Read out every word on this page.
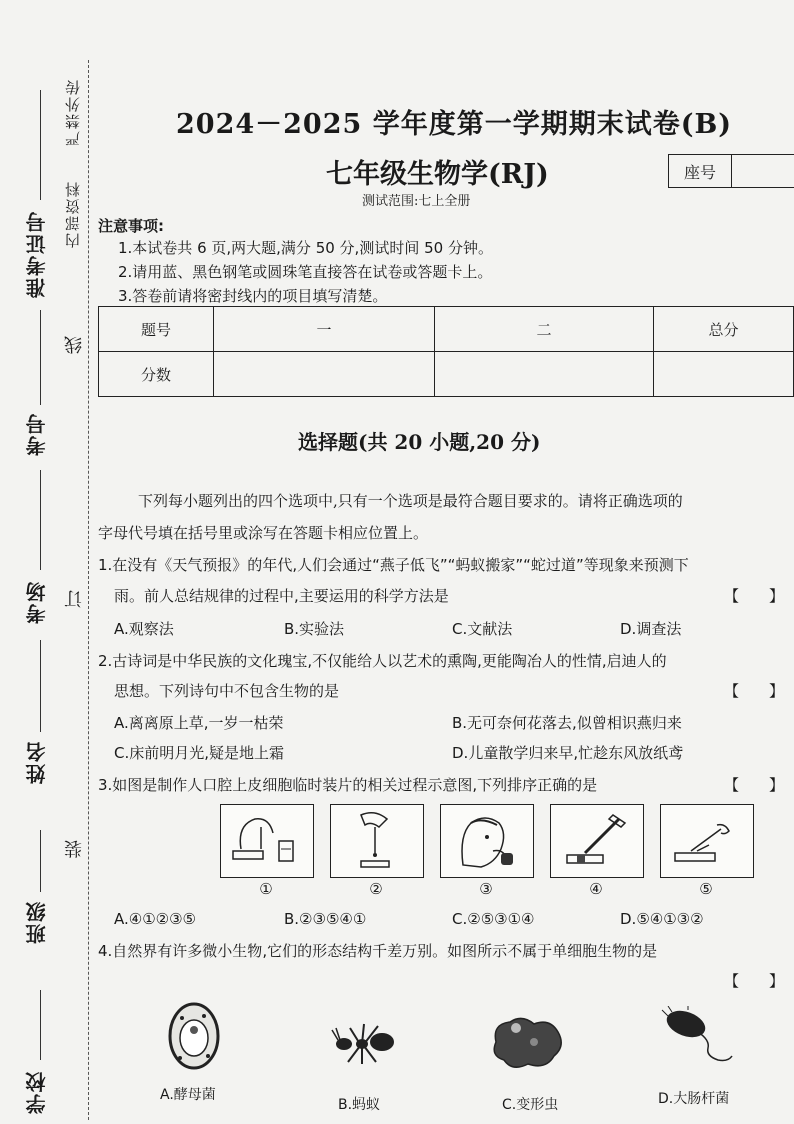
学校
班级
姓名
考场
考号
准考证号
装
订
线
内部资料
严禁外传	2024－2025 学年度第一学期期末试卷(B)
七年级生物学(RJ)	座号
测试范围:七上全册
注意事项:
1.本试卷共 6 页,两大题,满分 50 分,测试时间 50 分钟。
2.请用蓝、黑色钢笔或圆珠笔直接答在试卷或答题卡上。
3.答卷前请将密封线内的项目填写清楚。
题号	一	二	总分
分数			
选择题(共 20 小题,20 分)
下列每小题列出的四个选项中,只有一个选项是最符合题目要求的。请将正确选项的
字母代号填在括号里或涂写在答题卡相应位置上。
1.在没有《天气预报》的年代,人们会通过“燕子低飞”“蚂蚁搬家”“蛇过道”等现象来预测下
雨。前人总结规律的过程中,主要运用的科学方法是	【　　】
A.观察法	B.实验法	C.文献法	D.调查法
2.古诗词是中华民族的文化瑰宝,不仅能给人以艺术的熏陶,更能陶冶人的性情,启迪人的
思想。下列诗句中不包含生物的是	【　　】
A.离离原上草,一岁一枯荣	B.无可奈何花落去,似曾相识燕归来
C.床前明月光,疑是地上霜	D.儿童散学归来早,忙趁东风放纸鸢
3.如图是制作人口腔上皮细胞临时装片的相关过程示意图,下列排序正确的是	【　　】
①	②	③	④	⑤
A.④①②③⑤	B.②③⑤④①	C.②⑤③①④	D.⑤④①③②
4.自然界有许多微小生物,它们的形态结构千差万别。如图所示不属于单细胞生物的是
【　　】
A.酵母菌
B.蚂蚁	C.变形虫	D.大肠杆菌
